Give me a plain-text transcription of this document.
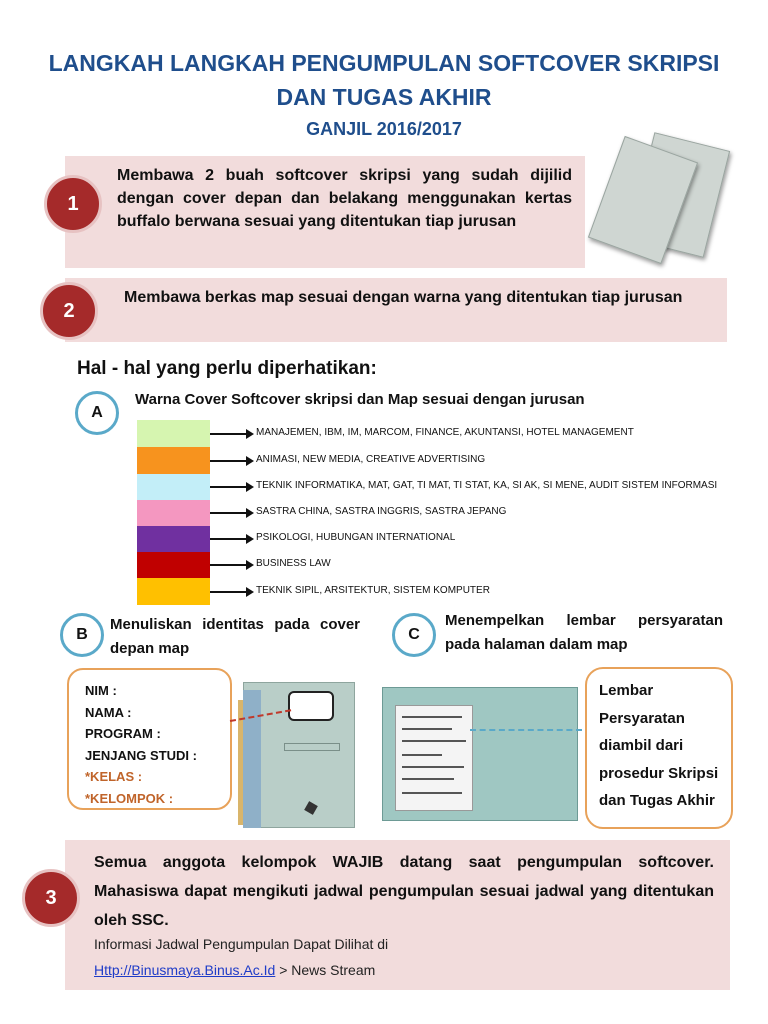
LANGKAH LANGKAH PENGUMPULAN SOFTCOVER SKRIPSI
DAN TUGAS AKHIR
GANJIL 2016/2017
1
Membawa 2 buah softcover skripsi yang sudah dijilid dengan cover depan dan belakang menggunakan kertas buffalo berwana sesuai yang ditentukan tiap jurusan
2
Membawa berkas map sesuai dengan warna yang ditentukan tiap jurusan
Hal - hal yang perlu diperhatikan:
A
Warna Cover Softcover skripsi dan Map sesuai dengan jurusan
MANAJEMEN, IBM, IM, MARCOM, FINANCE, AKUNTANSI, HOTEL MANAGEMENT
ANIMASI, NEW MEDIA, CREATIVE ADVERTISING
TEKNIK INFORMATIKA, MAT, GAT, TI MAT, TI STAT, KA, SI AK, SI MENE, AUDIT SISTEM INFORMASI
SASTRA CHINA, SASTRA INGGRIS, SASTRA JEPANG
PSIKOLOGI, HUBUNGAN INTERNATIONAL
BUSINESS LAW
TEKNIK SIPIL, ARSITEKTUR, SISTEM KOMPUTER
B
Menuliskan identitas pada cover depan map
NIM :
NAMA :
PROGRAM :
JENJANG STUDI :
*KELAS :
*KELOMPOK :
C
Menempelkan lembar persyaratan pada halaman dalam map
Lembar
Persyaratan
diambil dari
prosedur Skripsi
dan Tugas Akhir
3
Semua anggota kelompok WAJIB datang saat pengumpulan softcover. Mahasiswa dapat mengikuti jadwal pengumpulan sesuai jadwal yang ditentukan oleh SSC.
Informasi Jadwal Pengumpulan Dapat Dilihat di
Http://Binusmaya.Binus.Ac.Id > News Stream
